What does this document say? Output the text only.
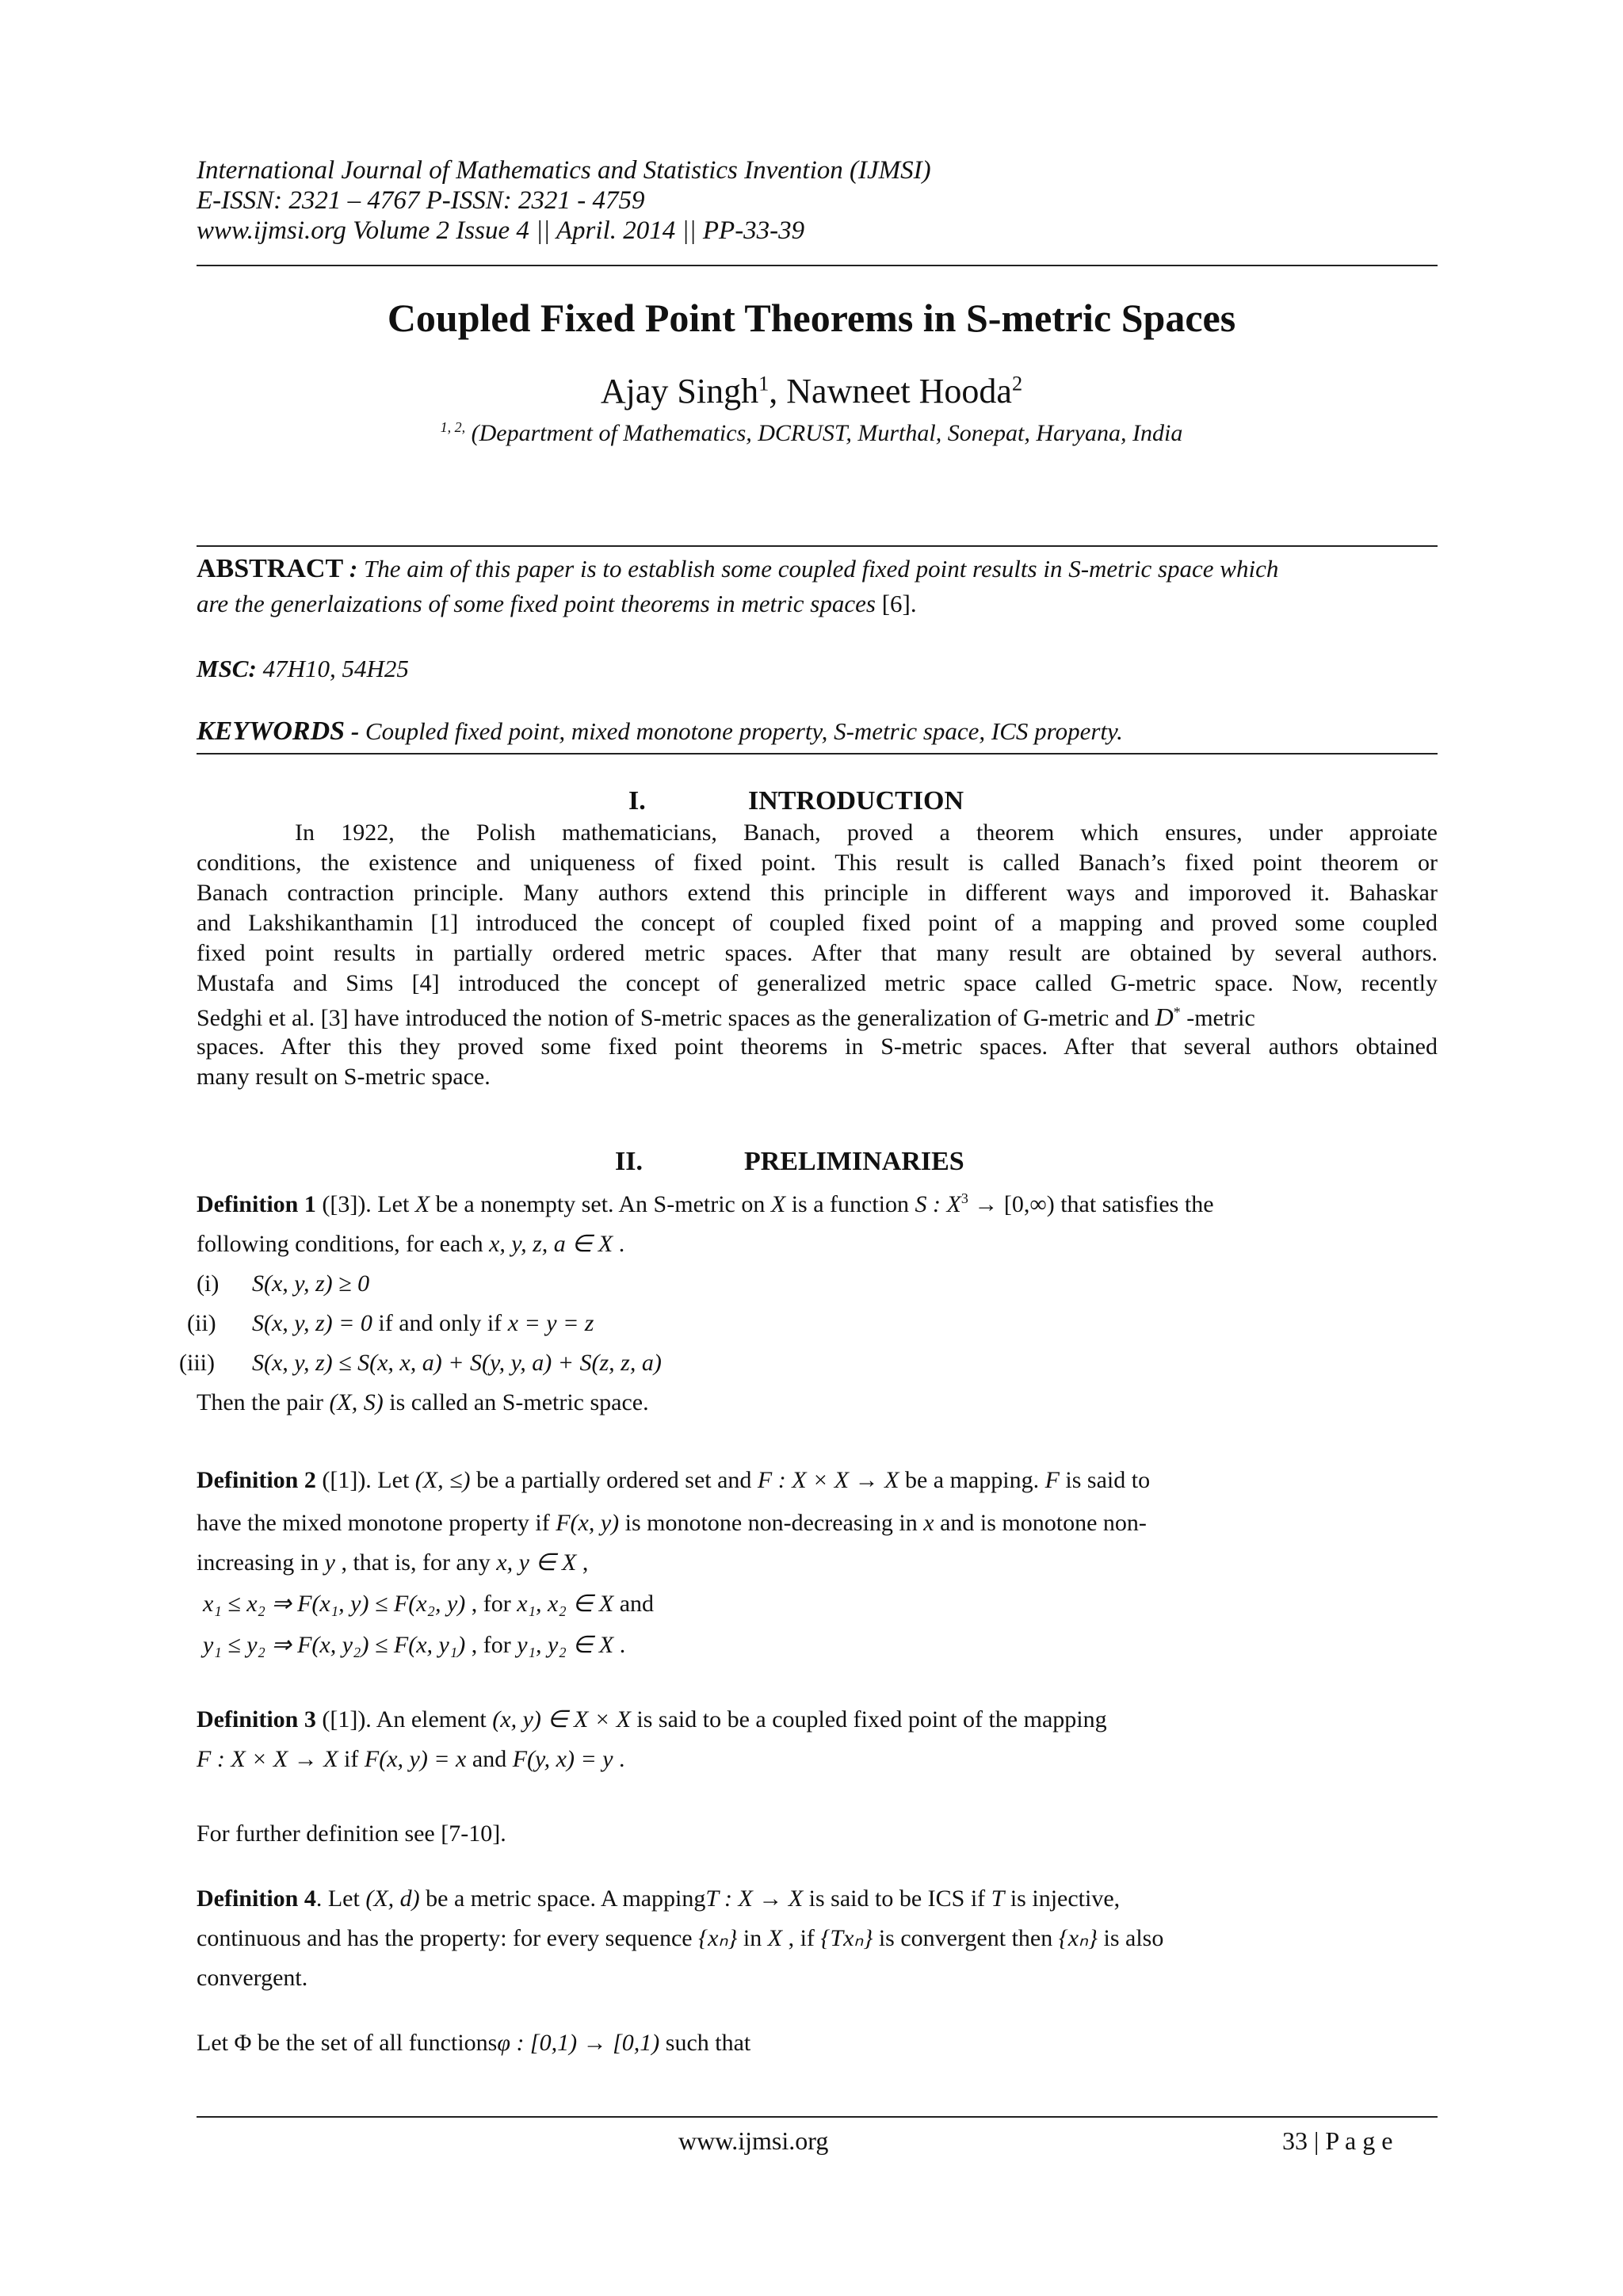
International Journal of Mathematics and Statistics Invention (IJMSI)
E-ISSN: 2321 – 4767 P-ISSN: 2321 - 4759
www.ijmsi.org Volume 2 Issue 4 || April. 2014 || PP-33-39
Coupled Fixed Point Theorems in S-metric Spaces
Ajay Singh$^1$, Nawneet Hooda$^2$
$^{1, 2,}$ (Department of Mathematics, DCRUST, Murthal, Sonepat, Haryana, India
ABSTRACT : The aim of this paper is to establish some coupled fixed point results in S-metric space which
are the generlaizations of some fixed point theorems in metric spaces [6].
MSC: 47H10, 54H25
KEYWORDS - Coupled fixed point, mixed monotone property, S-metric space, ICS property.
I.	INTRODUCTION
In 1922, the Polish mathematicians, Banach, proved a theorem which ensures, under approiate
conditions, the existence and uniqueness of fixed point. This result is called Banach’s fixed point theorem or
Banach contraction principle. Many authors extend this principle in different ways and imporoved it. Bahaskar
and Lakshikanthamin [1] introduced the concept of coupled fixed point of a mapping and proved some coupled
fixed point results in partially ordered metric spaces. After that many result are obtained by several authors.
Mustafa and Sims [4] introduced the concept of generalized metric space called G-metric space. Now, recently
Sedghi et al. [3] have introduced the notion of S-metric spaces as the generalization of G-metric and D* -metric
spaces. After this they proved some fixed point theorems in S-metric spaces. After that several authors obtained
many result on S-metric space.
II.	PRELIMINARIES
Definition 1 ([3]). Let X be a nonempty set. An S-metric on X is a function S : $X^3 \to [0,\infty)$ that satisfies the
following conditions, for each x, y, z, a ∈ X .
(i) S(x, y, z) ≥ 0
(ii) S(x, y, z) = 0 if and only if x = y = z
(iii) S(x, y, z) ≤ S(x, x, a) + S(y, y, a) + S(z, z, a)
Then the pair (X, S) is called an S-metric space.
Definition 2 ([1]). Let (X, ≤) be a partially ordered set and F : X × X → X be a mapping. F is said to
have the mixed monotone property if F(x, y) is monotone non-decreasing in x and is monotone non-
increasing in y , that is, for any x, y ∈ X ,
x₁ ≤ x₂ ⇒ F(x₁, y) ≤ F(x₂, y) , for x₁, x₂ ∈ X and
y₁ ≤ y₂ ⇒ F(x, y₂) ≤ F(x, y₁) , for y₁, y₂ ∈ X .
Definition 3 ([1]). An element (x, y) ∈ X × X is said to be a coupled fixed point of the mapping
F : X × X → X if F(x, y) = x and F(y, x) = y .
For further definition see [7-10].
Definition 4. Let (X, d) be a metric space. A mappingT : X → X is said to be ICS if T is injective,
continuous and has the property: for every sequence {xₙ} in X , if {Txₙ} is convergent then {xₙ} is also
convergent.
Let Φ be the set of all functionsφ : [0,1) → [0,1) such that
www.ijmsi.org	33 | P a g e
